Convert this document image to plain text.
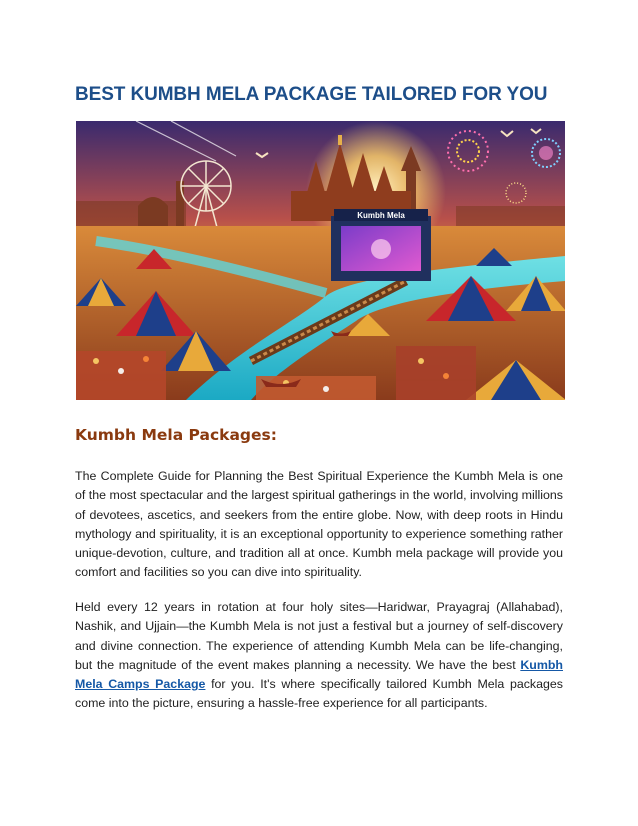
BEST KUMBH MELA PACKAGE TAILORED FOR YOU
Kumbh Mela
Kumbh Mela Packages:

The Complete Guide for Planning the Best Spiritual Experience the Kumbh Mela is one of the most spectacular and the largest spiritual gatherings in the world, involving millions of devotees, ascetics, and seekers from the entire globe. Now, with deep roots in Hindu mythology and spirituality, it is an exceptional opportunity to experience something rather unique-devotion, culture, and tradition all at once. Kumbh mela package will provide you comfort and facilities so you can dive into spirituality.

Held every 12 years in rotation at four holy sites—Haridwar, Prayagraj (Allahabad), Nashik, and Ujjain—the Kumbh Mela is not just a festival but a journey of self-discovery and divine connection. The experience of attending Kumbh Mela can be life-changing, but the magnitude of the event makes planning a necessity. We have the best Kumbh Mela Camps Package for you. It's where specifically tailored Kumbh Mela packages come into the picture, ensuring a hassle-free experience for all participants.
